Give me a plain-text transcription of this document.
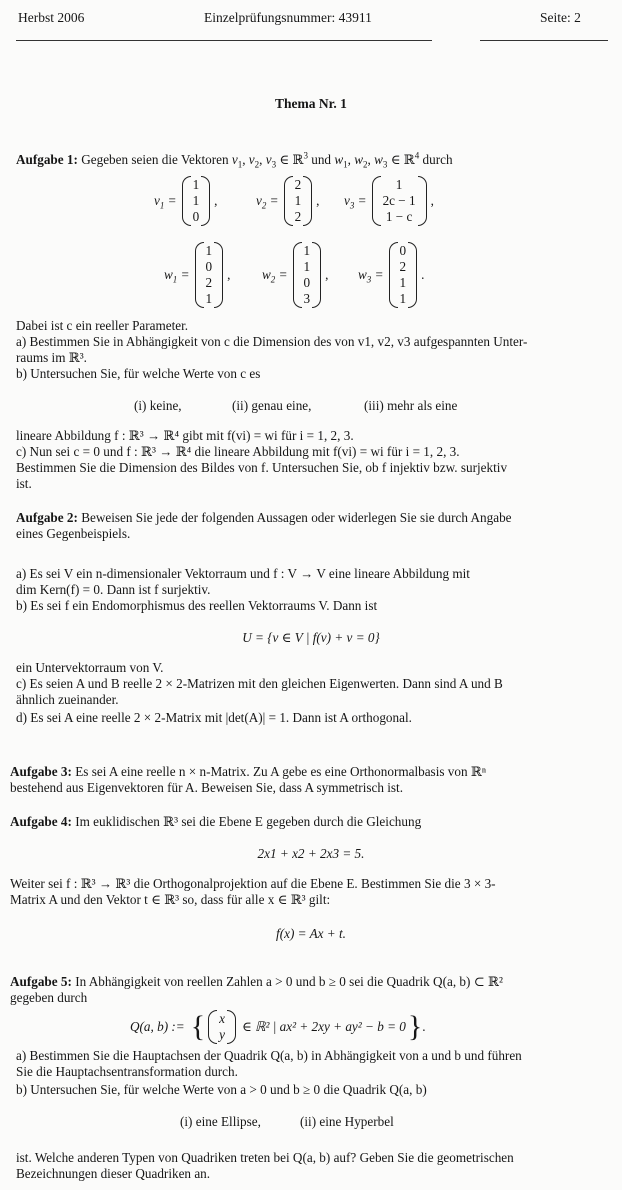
Herbst 2006	Einzelprüfungsnummer: 43911	Seite: 2
Thema Nr. 1
Aufgabe 1: Gegeben seien die Vektoren $v_1$, $v_2$, $v_3$ ∈ ℝ$^3$ und $w_1$, $w_2$, $w_3$ ∈ ℝ$^4$ durch
$v_1$ =
1
1
0
,	$v_2$ =
2
1
2
, $v_3$ =
1
2c − 1
1 − c
,
$w_1$ =
1
0
2
1
, $w_2$ =
1
1
0
3
, $w_3$ =
0
2
1
1
.
Dabei ist c ein reeller Parameter.
a) Bestimmen Sie in Abhängigkeit von c die Dimension des von v1, v2, v3 aufgespannten Unter-
raums im ℝ³.
b) Untersuchen Sie, für welche Werte von c es
(i) keine,	(ii) genau eine,	(iii) mehr als eine
lineare Abbildung f : ℝ³ → ℝ⁴ gibt mit f(vi) = wi für i = 1, 2, 3.
c) Nun sei c = 0 und f : ℝ³ → ℝ⁴ die lineare Abbildung mit f(vi) = wi für i = 1, 2, 3.
Bestimmen Sie die Dimension des Bildes von f. Untersuchen Sie, ob f injektiv bzw. surjektiv
ist.
Aufgabe 2: Beweisen Sie jede der folgenden Aussagen oder widerlegen Sie sie durch Angabe
eines Gegenbeispiels.
a) Es sei V ein n-dimensionaler Vektorraum und f : V → V eine lineare Abbildung mit
dim Kern(f) = 0. Dann ist f surjektiv.
b) Es sei f ein Endomorphismus des reellen Vektorraums V. Dann ist
U = {v ∈ V | f(v) + v = 0}
ein Untervektorraum von V.
c) Es seien A und B reelle 2 × 2-Matrizen mit den gleichen Eigenwerten. Dann sind A und B
ähnlich zueinander.
d) Es sei A eine reelle 2 × 2-Matrix mit |det(A)| = 1. Dann ist A orthogonal.
Aufgabe 3: Es sei A eine reelle n × n-Matrix. Zu A gebe es eine Orthonormalbasis von ℝⁿ
bestehend aus Eigenvektoren für A. Beweisen Sie, dass A symmetrisch ist.
Aufgabe 4: Im euklidischen ℝ³ sei die Ebene E gegeben durch die Gleichung
2x1 + x2 + 2x3 = 5.
Weiter sei f : ℝ³ → ℝ³ die Orthogonalprojektion auf die Ebene E. Bestimmen Sie die 3 × 3-
Matrix A und den Vektor t ∈ ℝ³ so, dass für alle x ∈ ℝ³ gilt:
f(x) = Ax + t.
Aufgabe 5: In Abhängigkeit von reellen Zahlen a > 0 und b ≥ 0 sei die Quadrik Q(a, b) ⊂ ℝ²
gegeben durch
Q(a, b) := { x
y
∈ ℝ² | ax² + 2xy + ay² − b = 0 } .
a) Bestimmen Sie die Hauptachsen der Quadrik Q(a, b) in Abhängigkeit von a und b und führen
Sie die Hauptachsentransformation durch.
b) Untersuchen Sie, für welche Werte von a > 0 und b ≥ 0 die Quadrik Q(a, b)
(i) eine Ellipse,	(ii) eine Hyperbel
ist. Welche anderen Typen von Quadriken treten bei Q(a, b) auf? Geben Sie die geometrischen
Bezeichnungen dieser Quadriken an.
